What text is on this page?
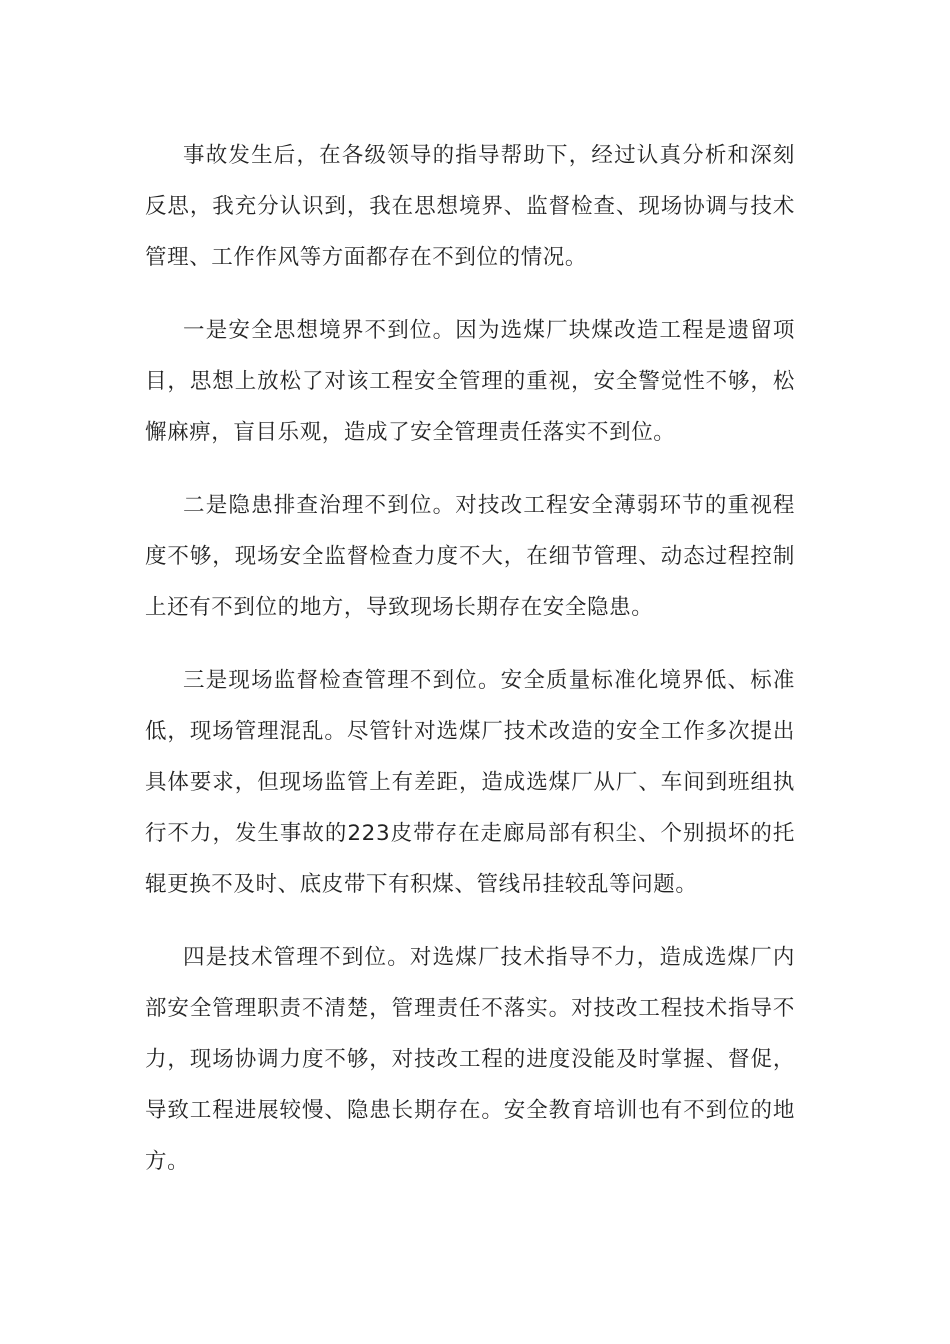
事故发生后，在各级领导的指导帮助下，经过认真分析和深刻反思，我充分认识到，我在思想境界、监督检查、现场协调与技术管理、工作作风等方面都存在不到位的情况。

一是安全思想境界不到位。因为选煤厂块煤改造工程是遗留项目，思想上放松了对该工程安全管理的重视，安全警觉性不够，松懈麻痹，盲目乐观，造成了安全管理责任落实不到位。

二是隐患排查治理不到位。对技改工程安全薄弱环节的重视程度不够，现场安全监督检查力度不大，在细节管理、动态过程控制上还有不到位的地方，导致现场长期存在安全隐患。

三是现场监督检查管理不到位。安全质量标准化境界低、标准低，现场管理混乱。尽管针对选煤厂技术改造的安全工作多次提出具体要求，但现场监管上有差距，造成选煤厂从厂、车间到班组执行不力，发生事故的223皮带存在走廊局部有积尘、个别损坏的托辊更换不及时、底皮带下有积煤、管线吊挂较乱等问题。

四是技术管理不到位。对选煤厂技术指导不力，造成选煤厂内部安全管理职责不清楚，管理责任不落实。对技改工程技术指导不力，现场协调力度不够，对技改工程的进度没能及时掌握、督促，导致工程进展较慢、隐患长期存在。安全教育培训也有不到位的地方。
